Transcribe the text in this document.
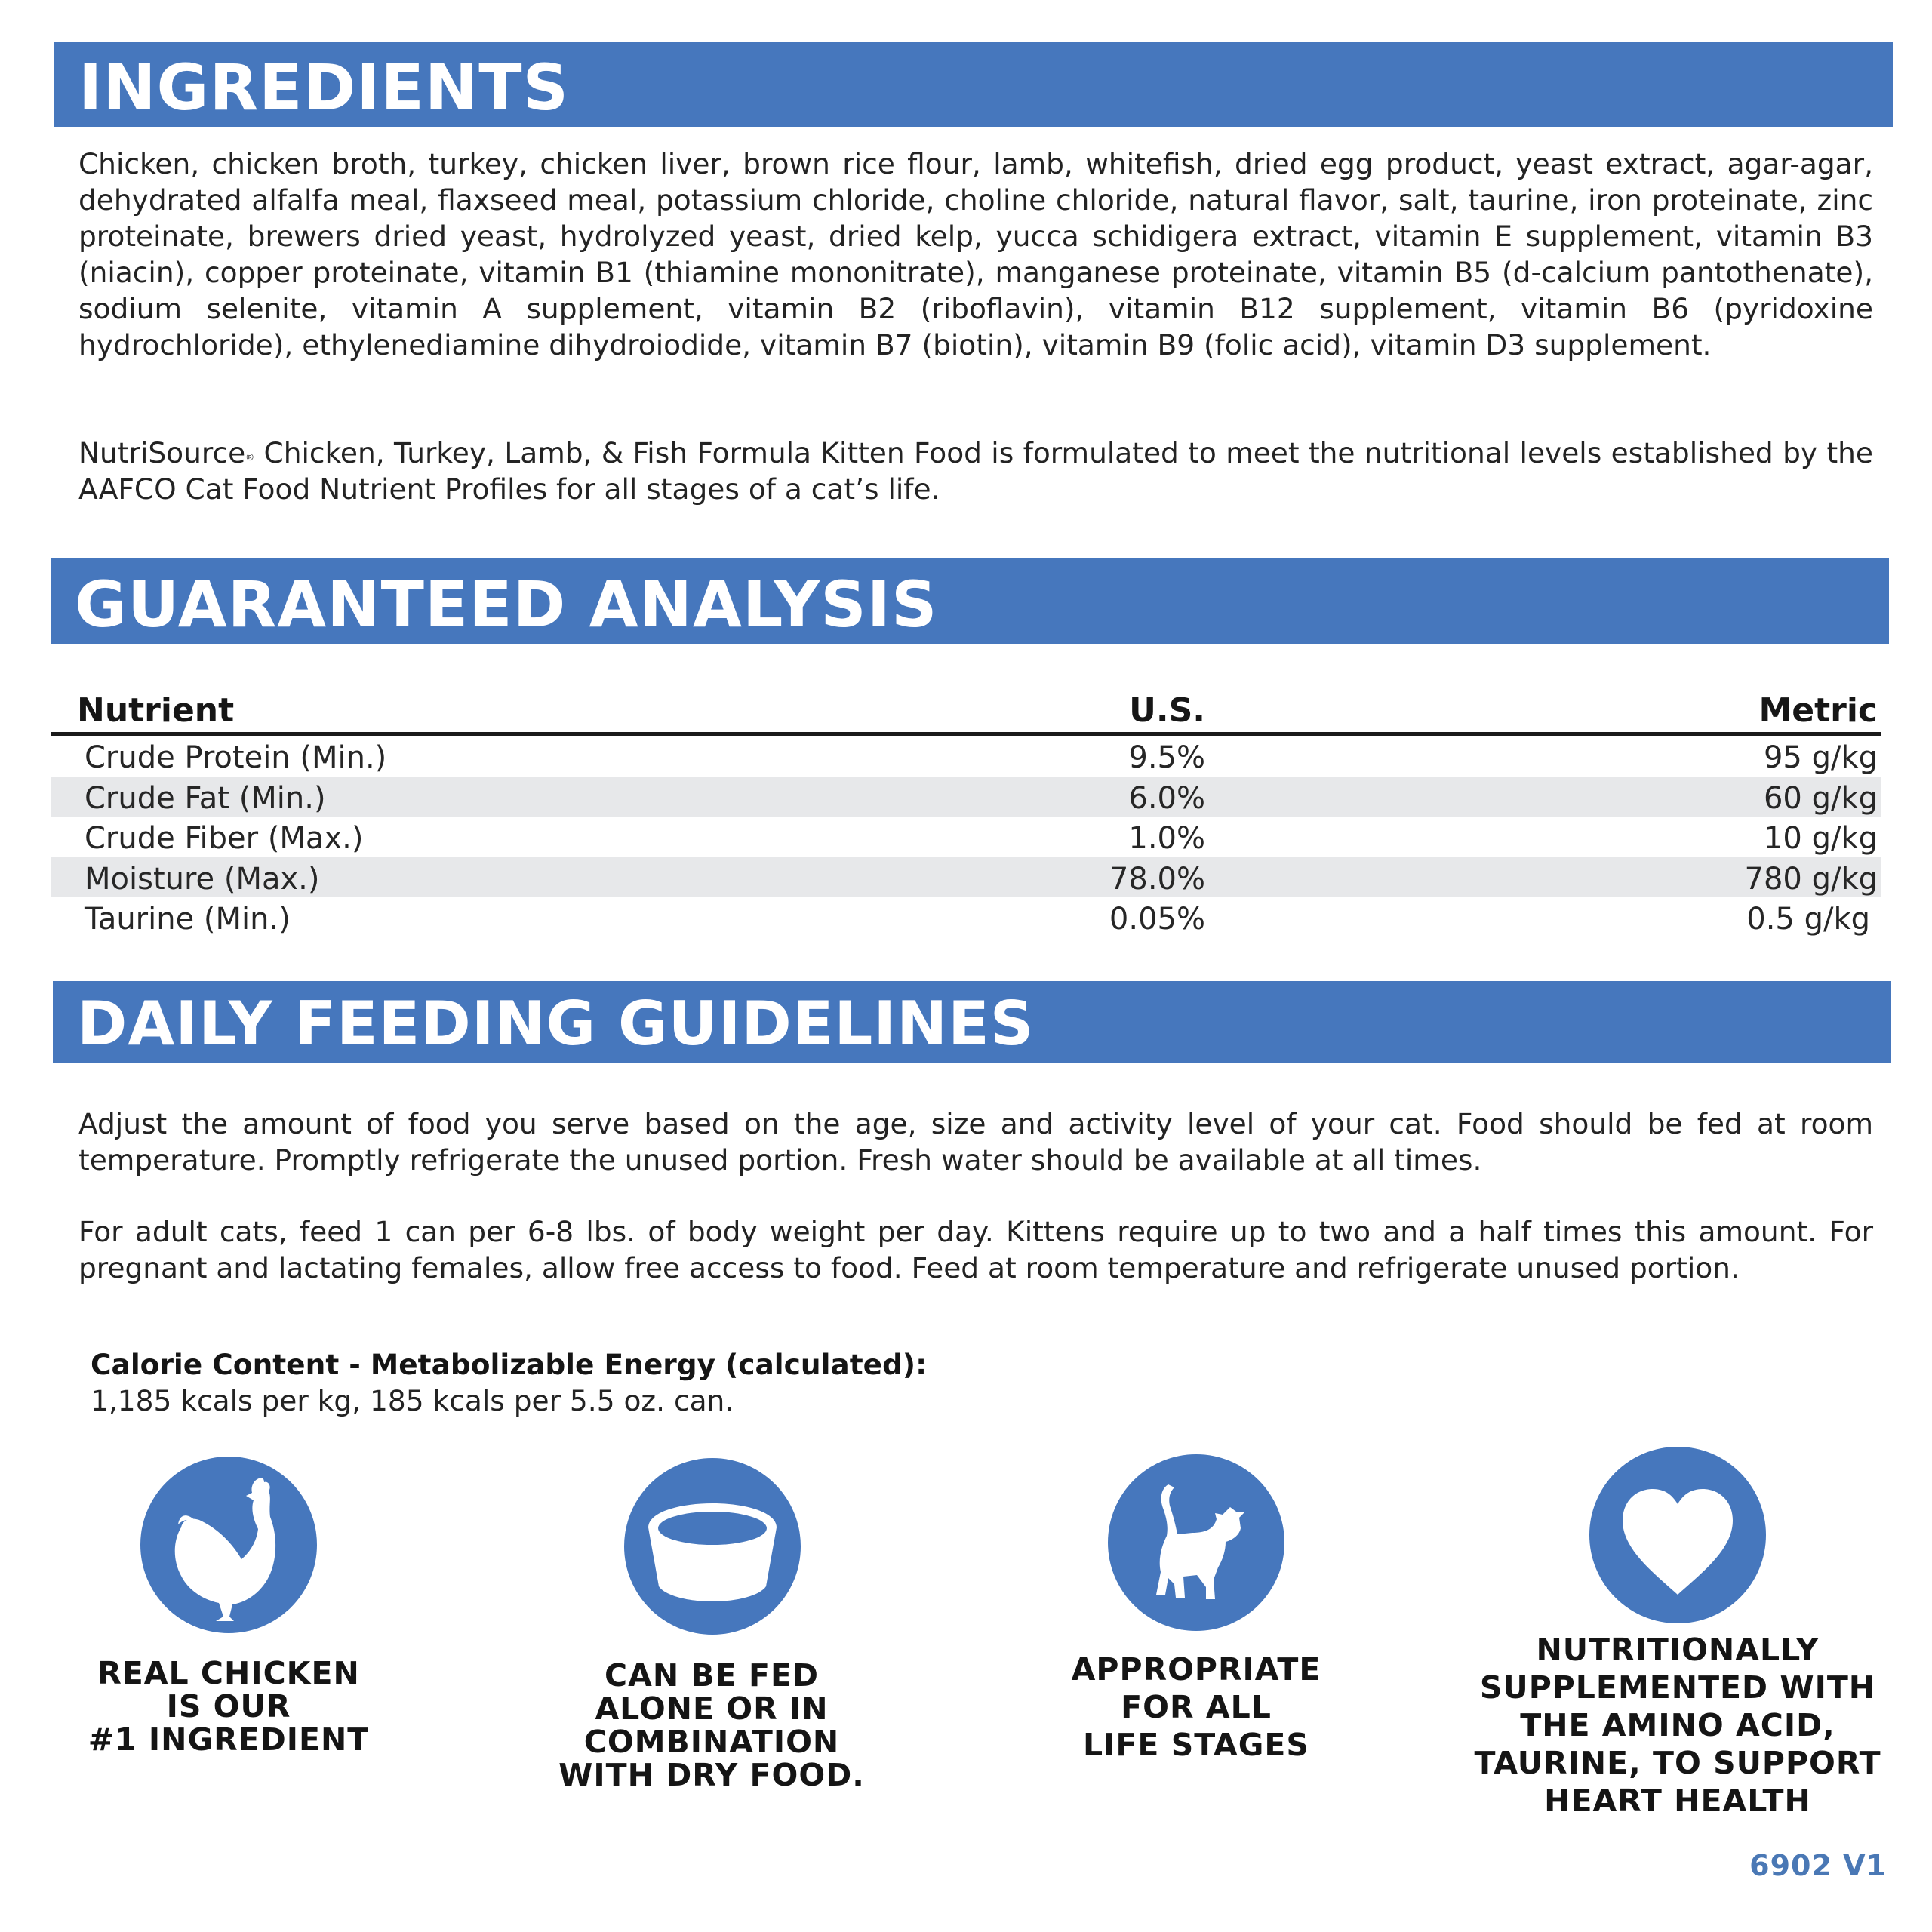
INGREDIENTS

Chicken, chicken broth, turkey, chicken liver, brown rice flour, lamb, whitefish, dried egg product, yeast extract, agar-agar, dehydrated alfalfa meal, flaxseed meal, potassium chloride, choline chloride, natural flavor, salt, taurine, iron proteinate, zinc proteinate, brewers dried yeast, hydrolyzed yeast, dried kelp, yucca schidigera extract, vitamin E supplement, vitamin B3 (niacin), copper proteinate, vitamin B1 (thiamine mononitrate), manganese proteinate, vitamin B5 (d-calcium pantothenate), sodium selenite, vitamin A supplement, vitamin B2 (riboflavin), vitamin B12 supplement, vitamin B6 (pyridoxine hydrochloride), ethylenediamine dihydroiodide, vitamin B7 (biotin), vitamin B9 (folic acid), vitamin D3 supplement.

NutriSource® Chicken, Turkey, Lamb, & Fish Formula Kitten Food is formulated to meet the nutritional levels established by the AAFCO Cat Food Nutrient Profiles for all stages of a cat’s life.

GUARANTEED ANALYSIS
Nutrient	U.S.	Metric
Crude Protein (Min.)	9.5%	95 g/kg
Crude Fat (Min.)	6.0%	60 g/kg
Crude Fiber (Max.)	1.0%	10 g/kg
Moisture (Max.)	78.0%	780 g/kg
Taurine (Min.)	0.05%	0.5 g/kg
DAILY FEEDING GUIDELINES

Adjust the amount of food you serve based on the age, size and activity level of your cat. Food should be fed at room temperature. Promptly refrigerate the unused portion. Fresh water should be available at all times.

For adult cats, feed 1 can per 6-8 lbs. of body weight per day. Kittens require up to two and a half times this amount. For pregnant and lactating females, allow free access to food. Feed at room temperature and refrigerate unused portion.

Calorie Content - Metabolizable Energy (calculated):
1,185 kcals per kg, 185 kcals per 5.5 oz. can.
REAL CHICKEN
IS OUR
#1 INGREDIENT
CAN BE FED
ALONE OR IN
COMBINATION
WITH DRY FOOD.
APPROPRIATE
FOR ALL
LIFE STAGES
NUTRITIONALLY
SUPPLEMENTED WITH
THE AMINO ACID,
TAURINE, TO SUPPORT
HEART HEALTH
6902 V1
